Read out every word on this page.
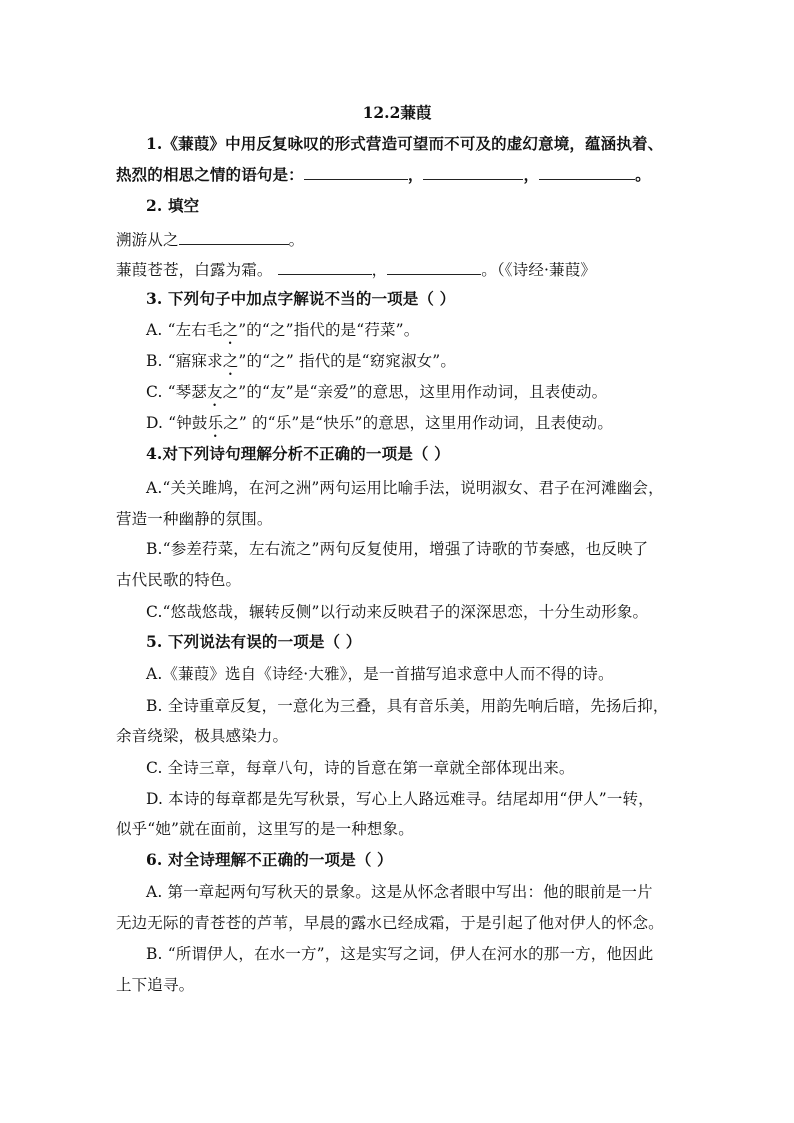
12.2蒹葭
1.《蒹葭》中用反复咏叹的形式营造可望而不可及的虚幻意境，蕴涵执着、
热烈的相思之情的语句是：	，	，	。
2. 填空
溯游从之	。
蒹葭苍苍，白露为霜。	，	。（《诗经·蒹葭》
3. 下列句子中加点字解说不当的一项是（ ）
A. “左右毛之”的“之”指代的是“荇菜”。
B. “寤寐求之”的“之” 指代的是“窈窕淑女”。
C. “琴瑟友之”的“友”是“亲爱”的意思，这里用作动词，且表使动。
D. “钟鼓乐之” 的“乐”是“快乐”的意思，这里用作动词，且表使动。
4.对下列诗句理解分析不正确的一项是（ ）
A.“关关雎鸠，在河之洲”两句运用比喻手法，说明淑女、君子在河滩幽会，
营造一种幽静的氛围。
B.“参差荇菜，左右流之”两句反复使用，增强了诗歌的节奏感，也反映了
古代民歌的特色。
C.“悠哉悠哉，辗转反侧”以行动来反映君子的深深思恋，十分生动形象。
5. 下列说法有误的一项是（ ）
A.《蒹葭》选自《诗经·大雅》，是一首描写追求意中人而不得的诗。
B. 全诗重章反复，一意化为三叠，具有音乐美，用韵先响后暗，先扬后抑，
余音绕梁，极具感染力。
C. 全诗三章，每章八句，诗的旨意在第一章就全部体现出来。
D. 本诗的每章都是先写秋景，写心上人路远难寻。结尾却用“伊人”一转，
似乎“她”就在面前，这里写的是一种想象。
6. 对全诗理解不正确的一项是（ ）
A. 第一章起两句写秋天的景象。这是从怀念者眼中写出：他的眼前是一片
无边无际的青苍苍的芦苇，早晨的露水已经成霜，于是引起了他对伊人的怀念。
B. “所谓伊人，在水一方”，这是实写之词，伊人在河水的那一方，他因此
上下追寻。
